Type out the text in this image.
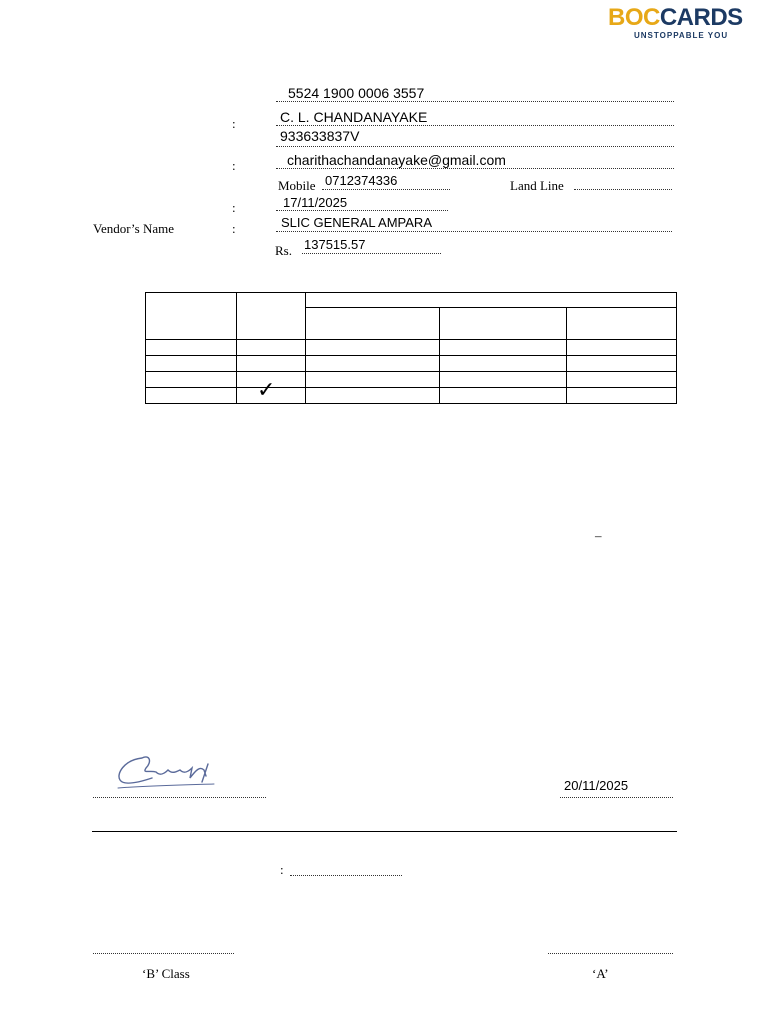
BOCCARDS
UNSTOPPABLE YOU
5524 1900 0006 3557
:	C. L. CHANDANAYAKE
933633837V
:	charithachandanayake@gmail.com
Mobile 0712374336	Land Line
:	17/11/2025
Vendor’s Name	:	SLIC GENERAL AMPARA
Rs. 137515.57

	✓			

–
20/11/2025
:
‘B’ Class	‘A’
